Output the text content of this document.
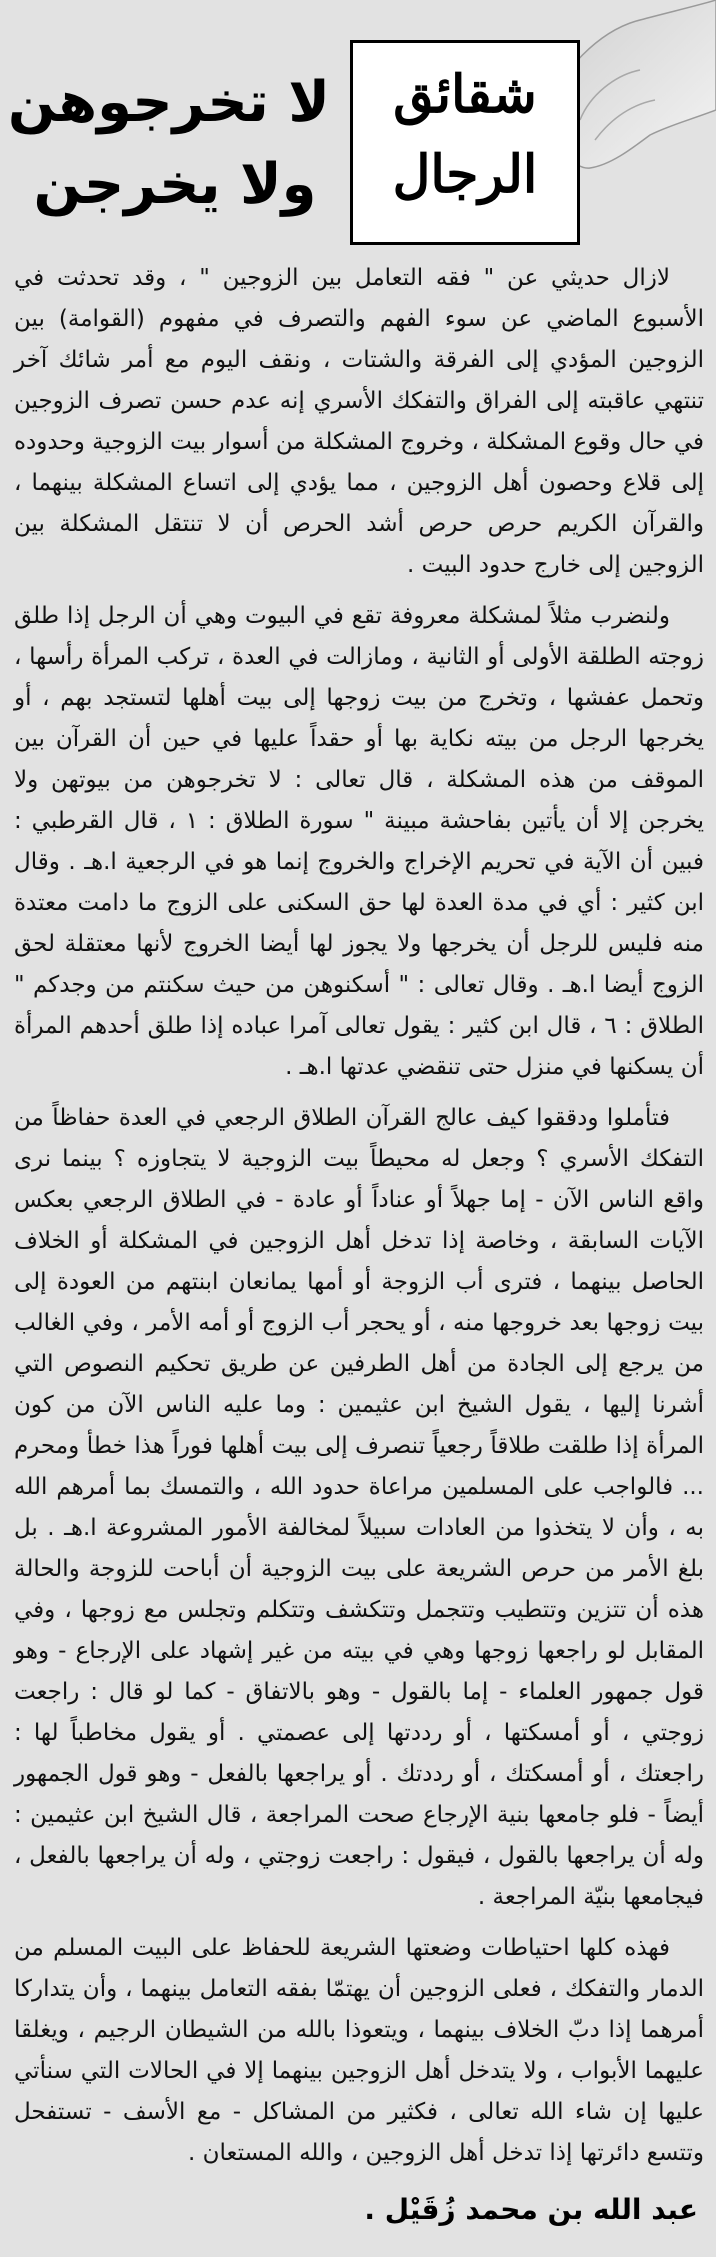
لا تخرجوهن
ولا يخرجن
شقائق
الرجال

لازال حديثي عن " فقه التعامل بين الزوجين " ، وقد تحدثت في الأسبوع الماضي عن سوء الفهم والتصرف في مفهوم (القوامة) بين الزوجين المؤدي إلى الفرقة والشتات ، ونقف اليوم مع أمر شائك آخر تنتهي عاقبته إلى الفراق والتفكك الأسري إنه عدم حسن تصرف الزوجين في حال وقوع المشكلة ، وخروج المشكلة من أسوار بيت الزوجية وحدوده إلى قلاع وحصون أهل الزوجين ، مما يؤدي إلى اتساع المشكلة بينهما ، والقرآن الكريم حرص حرص أشد الحرص أن لا تنتقل المشكلة بين الزوجين إلى خارج حدود البيت .

ولنضرب مثلاً لمشكلة معروفة تقع في البيوت وهي أن الرجل إذا طلق زوجته الطلقة الأولى أو الثانية ، ومازالت في العدة ، تركب المرأة رأسها ، وتحمل عفشها ، وتخرج من بيت زوجها إلى بيت أهلها لتستجد بهم ، أو يخرجها الرجل من بيته نكاية بها أو حقداً عليها في حين أن القرآن بين الموقف من هذه المشكلة ، قال تعالى : لا تخرجوهن من بيوتهن ولا يخرجن إلا أن يأتين بفاحشة مبينة " سورة الطلاق : ١ ، قال القرطبي : فبين أن الآية في تحريم الإخراج والخروج إنما هو في الرجعية ا.هـ . وقال ابن كثير : أي في مدة العدة لها حق السكنى على الزوج ما دامت معتدة منه فليس للرجل أن يخرجها ولا يجوز لها أيضا الخروج لأنها معتقلة لحق الزوج أيضا ا.هـ . وقال تعالى : " أسكنوهن من حيث سكنتم من وجدكم " الطلاق : ٦ ، قال ابن كثير : يقول تعالى آمرا عباده إذا طلق أحدهم المرأة أن يسكنها في منزل حتى تنقضي عدتها ا.هـ .

فتأملوا ودققوا كيف عالج القرآن الطلاق الرجعي في العدة حفاظاً من التفكك الأسري ؟ وجعل له محيطاً بيت الزوجية لا يتجاوزه ؟ بينما نرى واقع الناس الآن - إما جهلاً أو عناداً أو عادة - في الطلاق الرجعي بعكس الآيات السابقة ، وخاصة إذا تدخل أهل الزوجين في المشكلة أو الخلاف الحاصل بينهما ، فترى أب الزوجة أو أمها يمانعان ابنتهم من العودة إلى بيت زوجها بعد خروجها منه ، أو يحجر أب الزوج أو أمه الأمر ، وفي الغالب من يرجع إلى الجادة من أهل الطرفين عن طريق تحكيم النصوص التي أشرنا إليها ، يقول الشيخ ابن عثيمين : وما عليه الناس الآن من كون المرأة إذا طلقت طلاقاً رجعياً تنصرف إلى بيت أهلها فوراً هذا خطأ ومحرم ... فالواجب على المسلمين مراعاة حدود الله ، والتمسك بما أمرهم الله به ، وأن لا يتخذوا من العادات سبيلاً لمخالفة الأمور المشروعة ا.هـ . بل بلغ الأمر من حرص الشريعة على بيت الزوجية أن أباحت للزوجة والحالة هذه أن تتزين وتتطيب وتتجمل وتتكشف وتتكلم وتجلس مع زوجها ، وفي المقابل لو راجعها زوجها وهي في بيته من غير إشهاد على الإرجاع - وهو قول جمهور العلماء - إما بالقول - وهو بالاتفاق - كما لو قال : راجعت زوجتي ، أو أمسكتها ، أو رددتها إلى عصمتي . أو يقول مخاطباً لها : راجعتك ، أو أمسكتك ، أو رددتك . أو يراجعها بالفعل - وهو قول الجمهور أيضاً - فلو جامعها بنية الإرجاع صحت المراجعة ، قال الشيخ ابن عثيمين : وله أن يراجعها بالقول ، فيقول : راجعت زوجتي ، وله أن يراجعها بالفعل ، فيجامعها بنيّة المراجعة .

فهذه كلها احتياطات وضعتها الشريعة للحفاظ على البيت المسلم من الدمار والتفكك ، فعلى الزوجين أن يهتمّا بفقه التعامل بينهما ، وأن يتداركا أمرهما إذا دبّ الخلاف بينهما ، ويتعوذا بالله من الشيطان الرجيم ، ويغلقا عليهما الأبواب ، ولا يتدخل أهل الزوجين بينهما إلا في الحالات التي سنأتي عليها إن شاء الله تعالى ، فكثير من المشاكل - مع الأسف - تستفحل وتتسع دائرتها إذا تدخل أهل الزوجين ، والله المستعان .

عبد الله بن محمد زُقَيْل .
